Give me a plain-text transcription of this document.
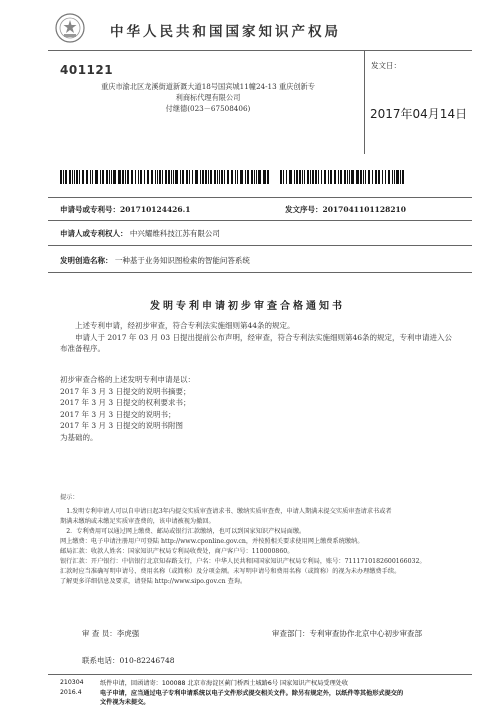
中华人民共和国国家知识产权局
401121
重庆市渝北区龙溪街道新溉大道18号国宾城11幢24-13 重庆创新专
利商标代理有限公司
付继德(023－67508406)
发文日：
2017年04月14日
申请号或专利号：201710124426.1	发文序号：2017041101128210
申请人或专利权人： 中兴耀维科技江苏有限公司
发明创造名称： 一种基于业务知识图检索的智能问答系统
发明专利申请初步审查合格通知书
上述专利申请，经初步审查，符合专利法实施细则第44条的规定。
申请人于 2017 年 03 月 03 日提出提前公布声明，经审查，符合专利法实施细则第46条的规定，专利申请进入公布准备程序。
初步审查合格的上述发明专利申请是以：
2017 年 3 月 3 日提交的说明书摘要；
2017 年 3 月 3 日提交的权利要求书；
2017 年 3 月 3 日提交的说明书；
2017 年 3 月 3 日提交的说明书附图
为基础的。
提示：
1.发明专利申请人可以自申请日起3年内提交实质审查请求书、缴纳实质审查费，申请人期满未提交实质审查请求书或者
期满未缴纳或未缴足实质审查费的，该申请被视为撤回。
2．专利费用可以通过网上缴费、邮局或银行汇款缴纳，也可以到国家知识产权局面缴。
网上缴费：电子申请注册用户可登陆 http://www.cponline.gov.cn，并按照相关要求使用网上缴费系统缴纳。
邮局汇款：收款人姓名：国家知识产权局专利局收费处，商户客户号：110000860。
银行汇款：开户银行：中信银行北京知春路支行，户名：中华人民共和国国家知识产权局专利局，账号：7111710182600166032。
汇款时应当准确写明申请号、费用名称（或简称）及分项金额。未写明申请号和费用名称（或简称）的视为未办理缴费手续。
了解更多详细信息及要求，请登陆 http://www.sipo.gov.cn 查询。
审 查 员：李虎强	审查部门：专利审查协作北京中心初步审查部
联系电话：010-82246748
210304
2016.4
纸件申请，回函请寄：100088 北京市海淀区蓟门桥西土城路6号 国家知识产权局受理处收
电子申请，应当通过电子专利申请系统以电子文件形式提交相关文件。除另有规定外，以纸件等其他形式提交的
文件视为未提交。
